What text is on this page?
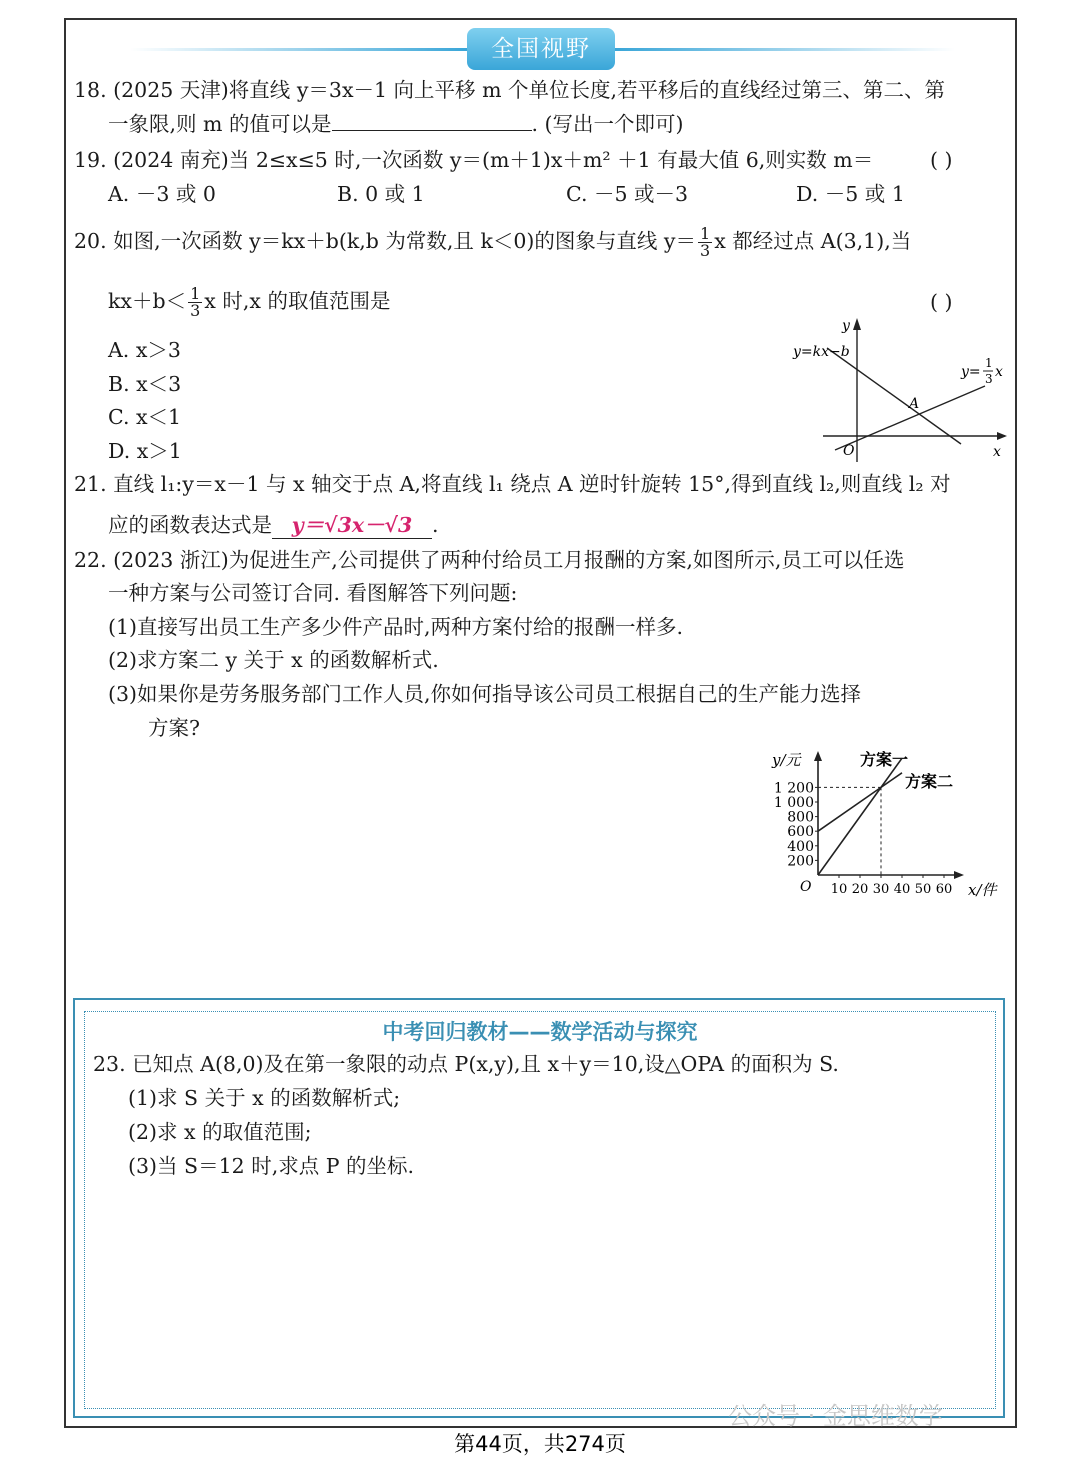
全国视野
18. (2025 天津)将直线 y＝3x－1 向上平移 m 个单位长度,若平移后的直线经过第三、第二、第
一象限,则 m 的值可以是	. (写出一个即可)
19. (2024 南充)当 2≤x≤5 时,一次函数 y＝(m＋1)x＋m² ＋1 有最大值 6,则实数 m＝	( )
A. －3 或 0	B. 0 或 1	C. －5 或－3	D. －5 或 1
20. 如图,一次函数 y＝kx＋b(k,b 为常数,且 k＜0)的图象与直线 $y= \frac{1}{3}$ x 都经过点 A(3,1),当
$kx+b< \frac{1}{3}$ x 时,x 的取值范围是	( )
A. x＞3
B. x＜3
C. x＜1
D. x＞1
y=kx−b
y=
1
3 x
y
x
O
A
21. 直线 l₁:y＝x－1 与 x 轴交于点 A,将直线 l₁ 绕点 A 逆时针旋转 15°,得到直线 l₂,则直线 l₂ 对
应的函数表达式是 y＝√3x－√3 .
22. (2023 浙江)为促进生产,公司提供了两种付给员工月报酬的方案,如图所示,员工可以任选
一种方案与公司签订合同. 看图解答下列问题:
(1)直接写出员工生产多少件产品时,两种方案付给的报酬一样多.
(2)求方案二 y 关于 x 的函数解析式.
(3)如果你是劳务服务部门工作人员,你如何指导该公司员工根据自己的生产能力选择
方案?
y/元
x/件
O
方案一
方案二
200
400
600
800
1 000
1 200
10 20 30 40 50 60
中考回归教材——数学活动与探究
23. 已知点 A(8,0)及在第一象限的动点 P(x,y),且 x＋y＝10,设△OPA 的面积为 S.
(1)求 S 关于 x 的函数解析式;
(2)求 x 的取值范围;
(3)当 S＝12 时,求点 P 的坐标.
公众号 · 金思维数学
第44页，共274页
